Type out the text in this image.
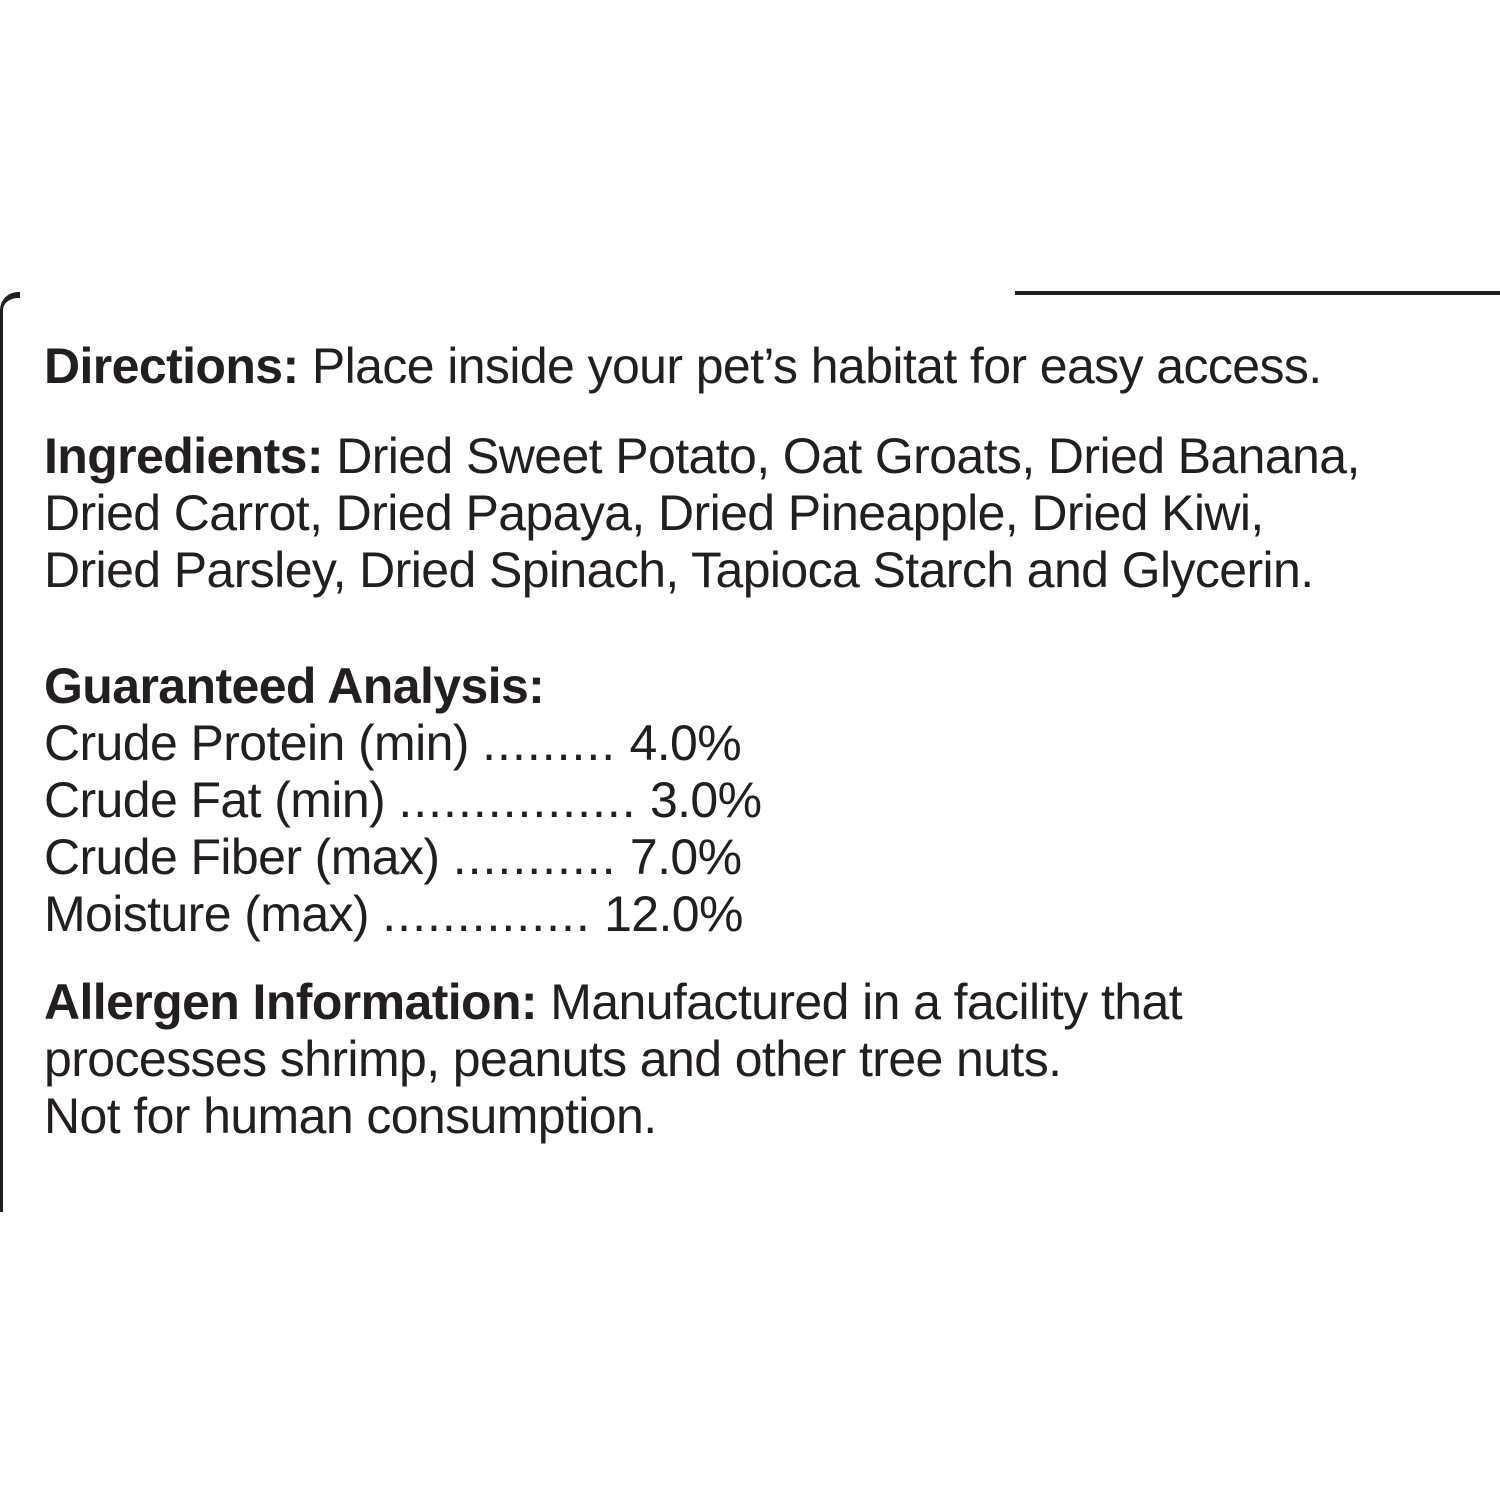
Directions: Place inside your pet’s habitat for easy access.

Ingredients: Dried Sweet Potato, Oat Groats, Dried Banana,

Dried Carrot, Dried Papaya, Dried Pineapple, Dried Kiwi,

Dried Parsley, Dried Spinach, Tapioca Starch and Glycerin.

Guaranteed Analysis:

Crude Protein (min) ......... 4.0%

Crude Fat (min) ................ 3.0%

Crude Fiber (max) ........... 7.0%

Moisture (max) .............. 12.0%

Allergen Information: Manufactured in a facility that

processes shrimp, peanuts and other tree nuts.

Not for human consumption.
